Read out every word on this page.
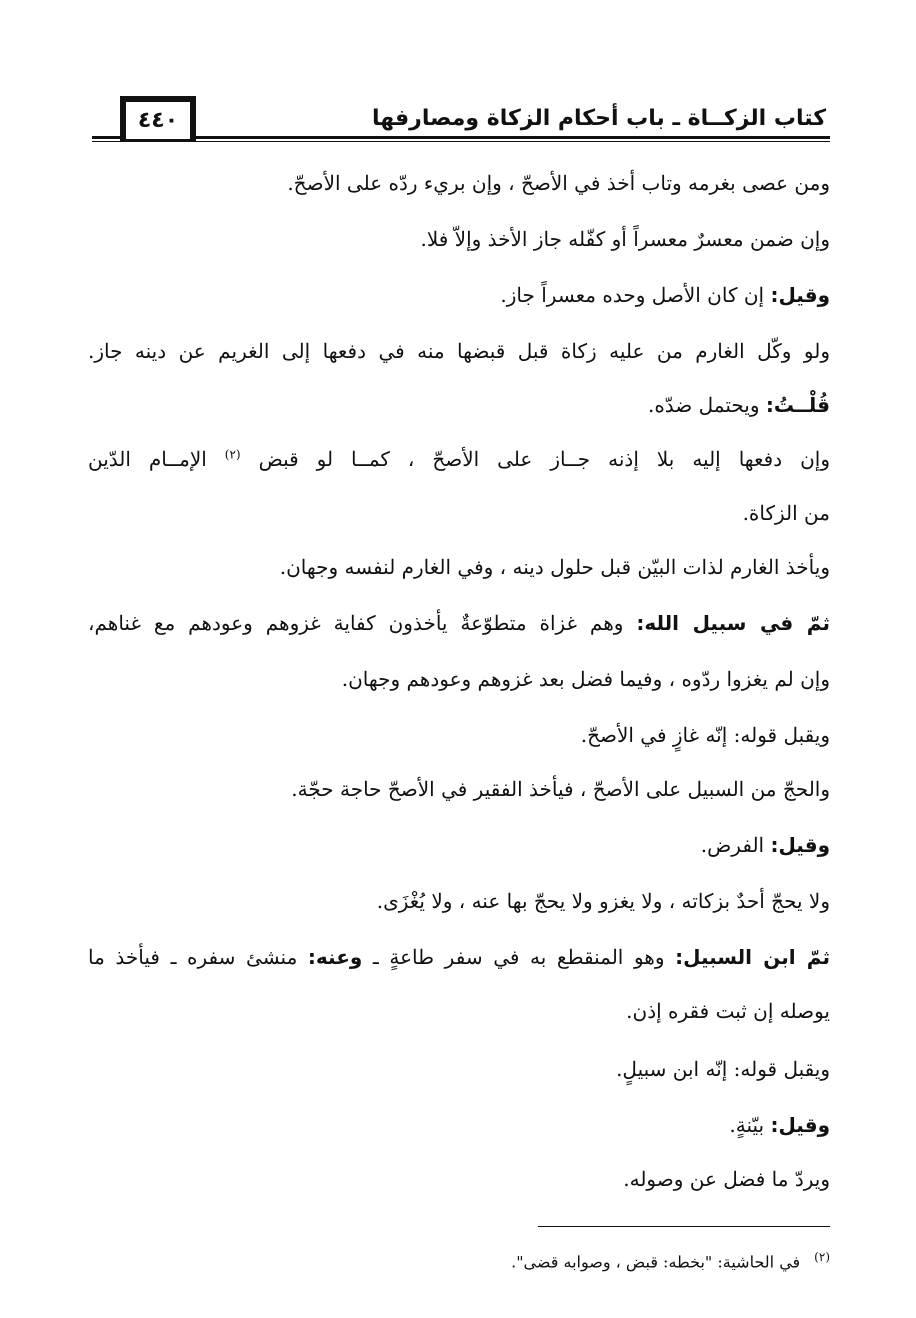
كتاب الزكــاة ـ باب أحكام الزكاة ومصارفها
٤٤٠
ومن عصى بغرمه وتاب أخذ في الأصحّ ، وإن بريء ردّه على الأصحّ.
وإن ضمن معسرٌ معسراً أو كفّله جاز الأخذ وإلاّ فلا.
وقيل: إن كان الأصل وحده معسراً جاز.
ولو وكّل الغارم من عليه زكاة قبل قبضها منه في دفعها إلى الغريم عن دينه جاز.
قُلْــتُ: ويحتمل ضدّه.
وإن دفعها إليه بلا إذنه جــاز على الأصحّ ، كمــا لو قبض $^{(٢)}$ الإمــام الدّين
من الزكاة.
ويأخذ الغارم لذات البيّن قبل حلول دينه ، وفي الغارم لنفسه وجهان.
ثمّ في سبيل الله: وهم غزاة متطوّعةٌ يأخذون كفاية غزوهم وعودهم مع غناهم،
وإن لم يغزوا ردّوه ، وفيما فضل بعد غزوهم وعودهم وجهان.
ويقبل قوله: إنّه غازٍ في الأصحّ.
والحجّ من السبيل على الأصحّ ، فيأخذ الفقير في الأصحّ حاجة حجّة.
وقيل: الفرض.
ولا يحجّ أحدٌ بزكاته ، ولا يغزو ولا يحجّ بها عنه ، ولا يُغْزَى.
ثمّ ابن السبيل: وهو المنقطع به في سفر طاعةٍ ـ وعنه: منشئ سفره ـ فيأخذ ما
يوصله إن ثبت فقره إذن.
ويقبل قوله: إنّه ابن سبيلٍ.
وقيل: بيّنةٍ.
ويردّ ما فضل عن وصوله.
(٢)في الحاشية: "بخطه: قبض ، وصوابه قضى".
